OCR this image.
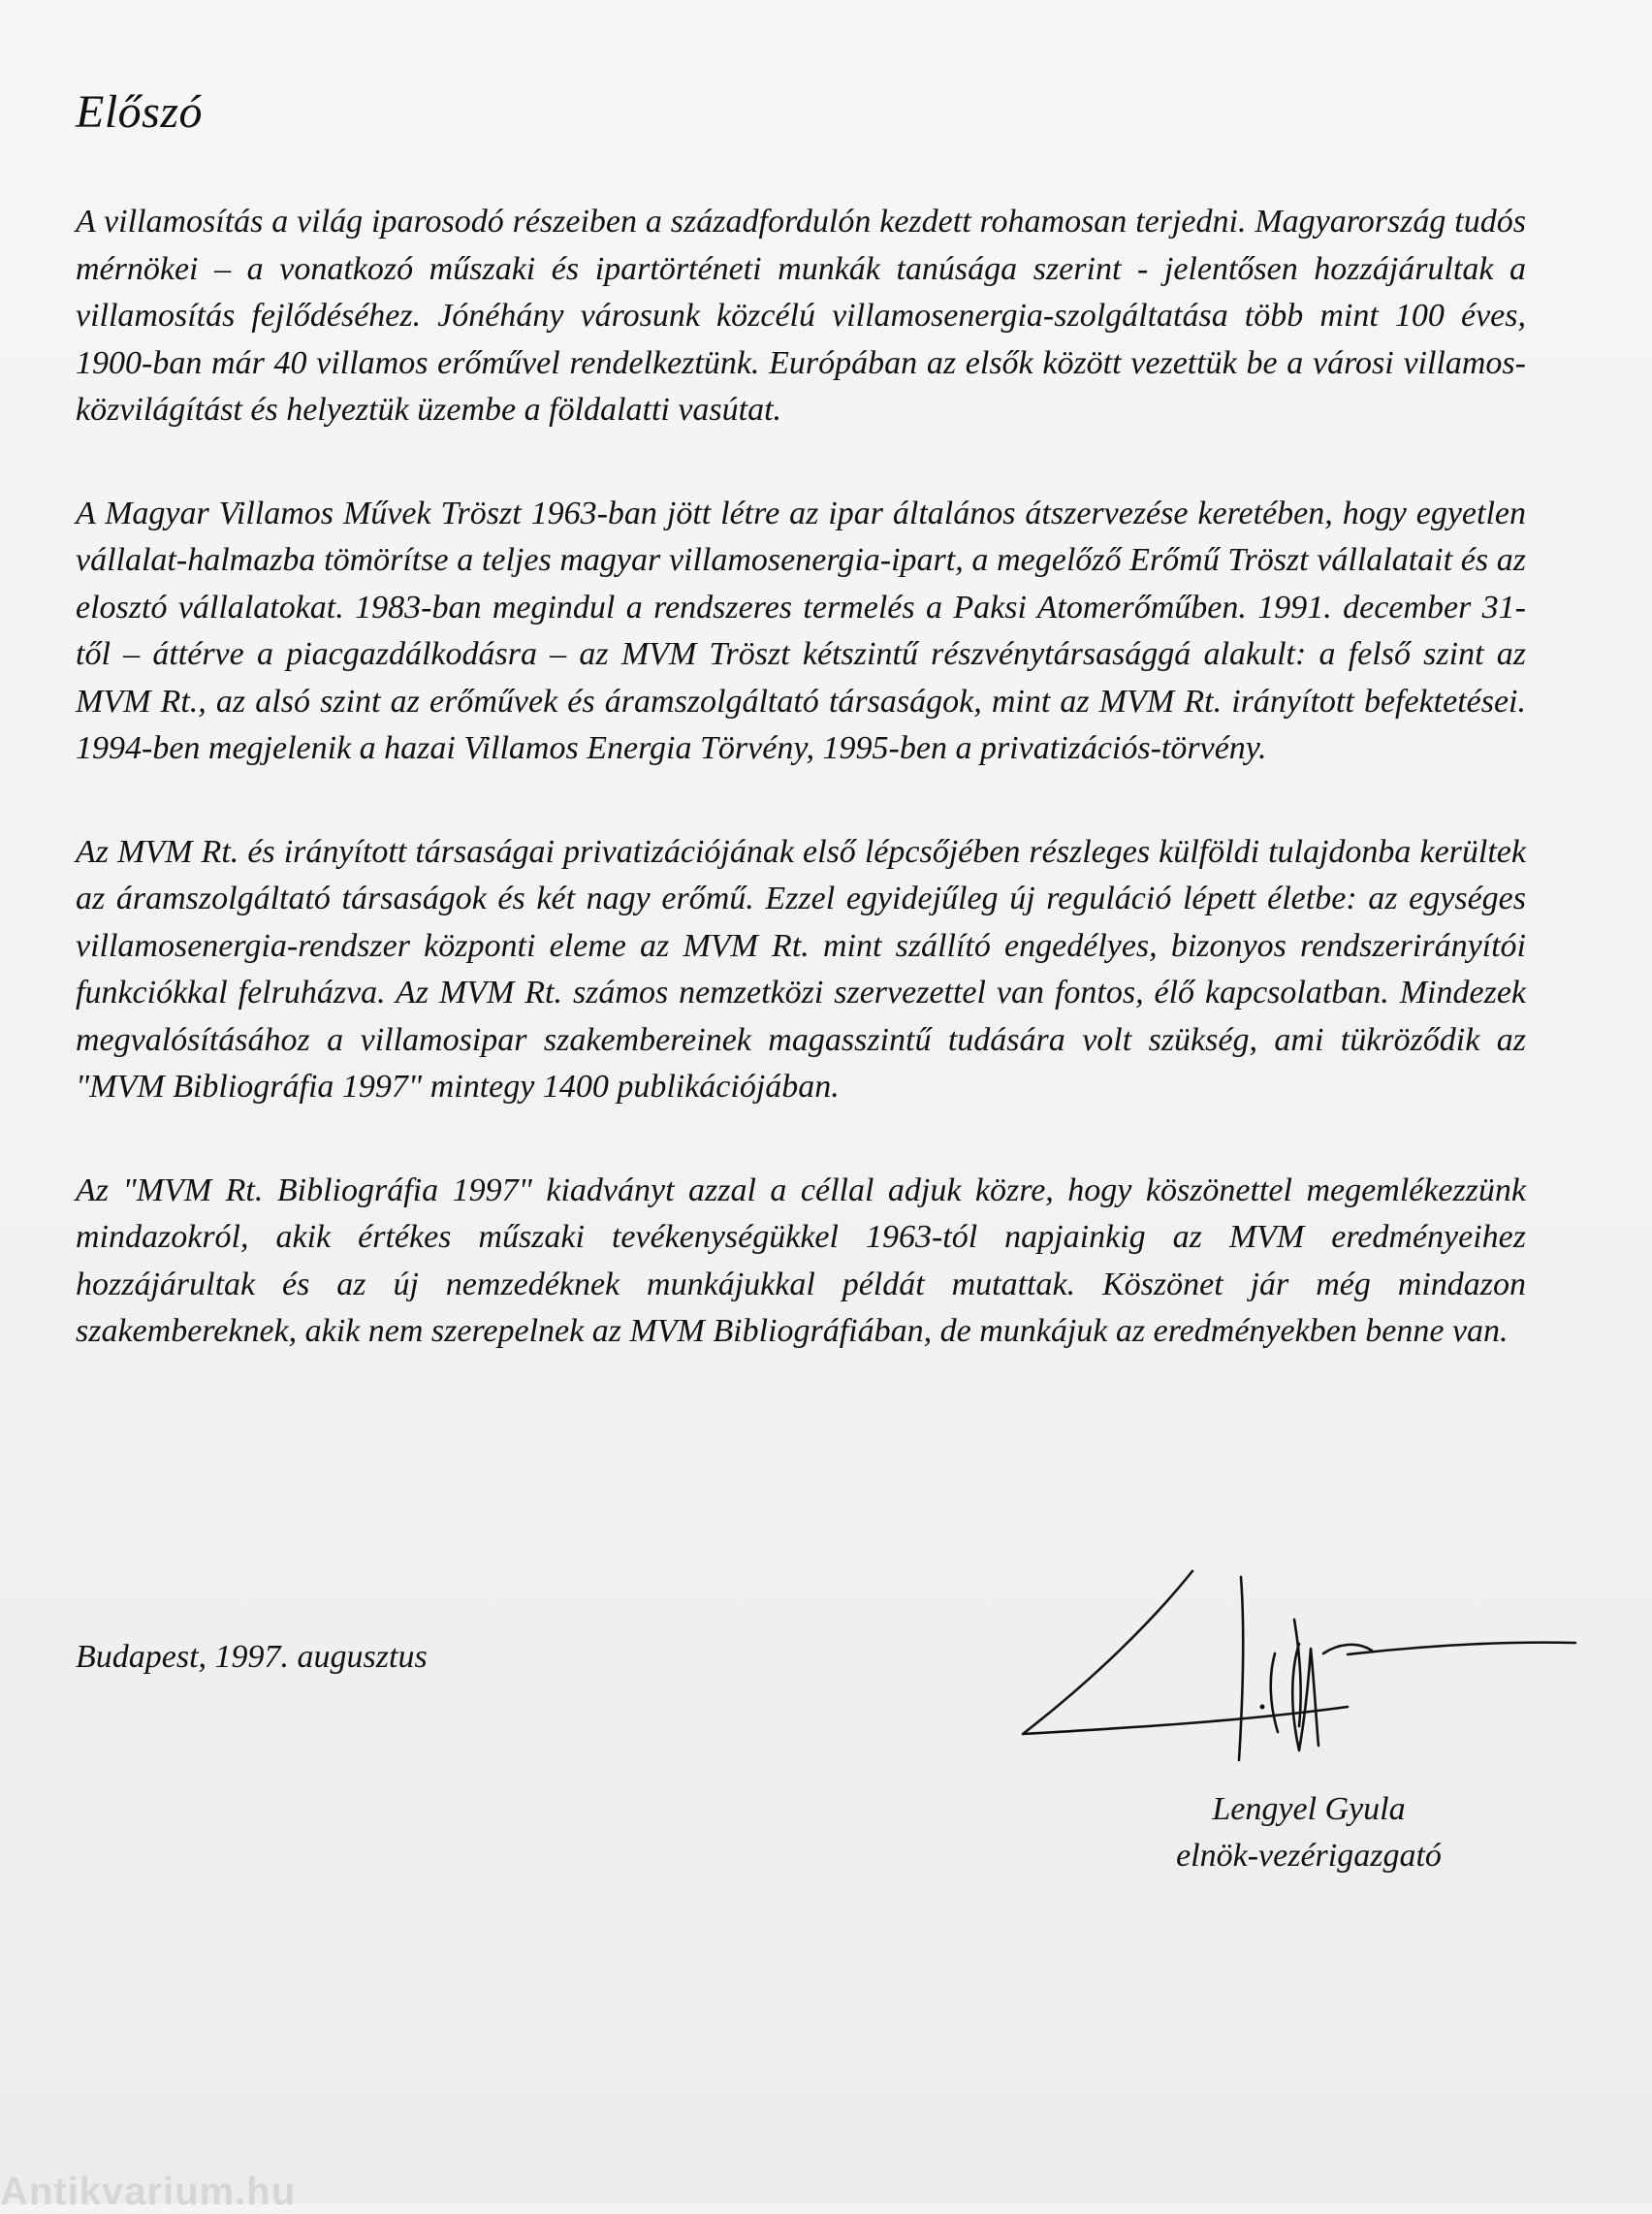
Előszó

A villamosítás a világ iparosodó részeiben a századfordulón kezdett rohamosan terjedni. Magyarország tudós mérnökei – a vonatkozó műszaki és ipartörténeti munkák tanúsága szerint - jelentősen hozzájárultak a villamosítás fejlődéséhez. Jónéhány városunk közcélú villamosenergia-szolgáltatása több mint 100 éves, 1900-ban már 40 villamos erőművel rendelkeztünk. Európában az elsők között vezettük be a városi villamos-közvilágítást és helyeztük üzembe a földalatti vasútat.

A Magyar Villamos Művek Tröszt 1963-ban jött létre az ipar általános átszervezése keretében, hogy egyetlen vállalat-halmazba tömörítse a teljes magyar villamosenergia-ipart, a megelőző Erőmű Tröszt vállalatait és az elosztó vállalatokat. 1983-ban megindul a rendszeres termelés a Paksi Atomerőműben. 1991. december 31-től – áttérve a piacgazdálkodásra – az MVM Tröszt kétszintű részvénytársasággá alakult: a felső szint az MVM Rt., az alsó szint az erőművek és áramszolgáltató társaságok, mint az MVM Rt. irányított befektetései. 1994-ben megjelenik a hazai Villamos Energia Törvény, 1995-ben a privatizációs-törvény.

Az MVM Rt. és irányított társaságai privatizációjának első lépcsőjében részleges külföldi tulajdonba kerültek az áramszolgáltató társaságok és két nagy erőmű. Ezzel egyidejűleg új reguláció lépett életbe: az egységes villamosenergia-rendszer központi eleme az MVM Rt. mint szállító engedélyes, bizonyos rendszerirányítói funkciókkal felruházva. Az MVM Rt. számos nemzetközi szervezettel van fontos, élő kapcsolatban. Mindezek megvalósításához a villamosipar szakembereinek magasszintű tudására volt szükség, ami tükröződik az "MVM Bibliográfia 1997" mintegy 1400 publikációjában.

Az "MVM Rt. Bibliográfia 1997" kiadványt azzal a céllal adjuk közre, hogy köszönettel megemlékezzünk mindazokról, akik értékes műszaki tevékenységükkel 1963-tól napjainkig az MVM eredményeihez hozzájárultak és az új nemzedéknek munkájukkal példát mutattak. Köszönet jár még mindazon szakembereknek, akik nem szerepelnek az MVM Bibliográfiában, de munkájuk az eredményekben benne van.

Budapest, 1997. augusztus

Lengyel Gyula
elnök-vezérigazgató
Antikvarium.hu
